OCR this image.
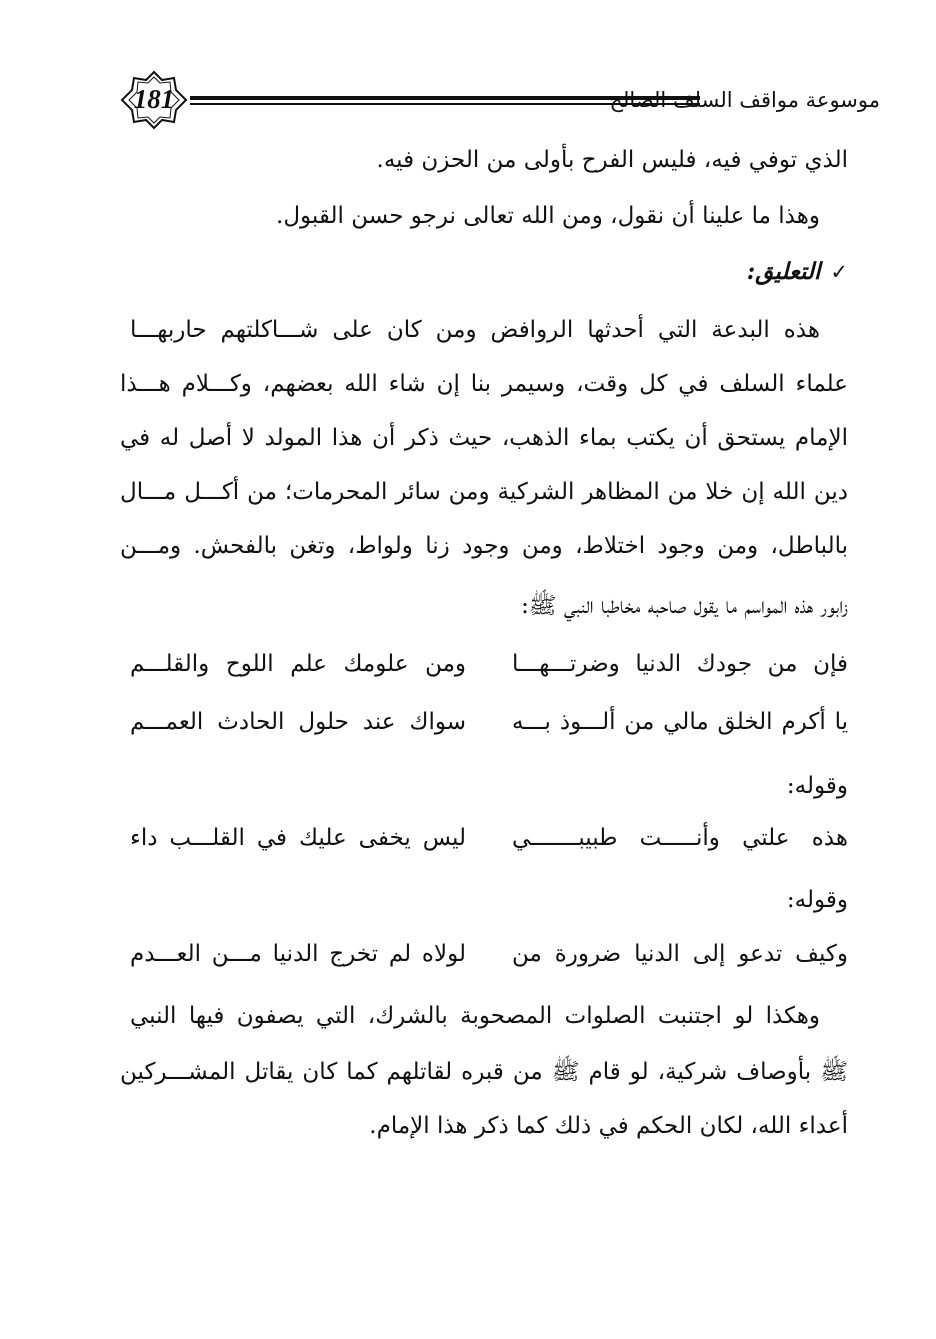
181	موسوعة مواقف السلف الصالح
الذي توفي فيه، فليس الفرح بأولى من الحزن فيه.
وهذا ما علينا أن نقول، ومن الله تعالى نرجو حسن القبول.
✓التعليق:
هذه البدعة التي أحدثها الروافض ومن كان على شـــاكلتهم حاربهـــا
علماء السلف في كل وقت، وسيمر بنا إن شاء الله بعضهم، وكـــلام هـــذا
الإمام يستحق أن يكتب بماء الذهب، حيث ذكر أن هذا المولد لا أصل له في
دين الله إن خلا من المظاهر الشركية ومن سائر المحرمات؛ من أكـــل مـــال
بالباطل، ومن وجود اختلاط، ومن وجود زنا ولواط، وتغن بالفحش. ومـــن
زابور هذه المواسم ما يقول صاحبه مخاطبا النبي ﷺ:
فإن من جودك الدنيا وضرتـــهـــا
ومن علومك علم اللوح والقلـــم
يا أكرم الخلق مالي من ألـــوذ بـــه
سواك عند حلول الحادث العمـــم
وقوله:
هذه علتي وأنـــــت طبيبـــــــي
ليس يخفى عليك في القلـــب داء
وقوله:
وكيف تدعو إلى الدنيا ضرورة من
لولاه لم تخرج الدنيا مـــن العـــدم
وهكذا لو اجتنبت الصلوات المصحوبة بالشرك، التي يصفون فيها النبي
ﷺ بأوصاف شركية، لو قام ﷺ من قبره لقاتلهم كما كان يقاتل المشـــركين
أعداء الله، لكان الحكم في ذلك كما ذكر هذا الإمام.
